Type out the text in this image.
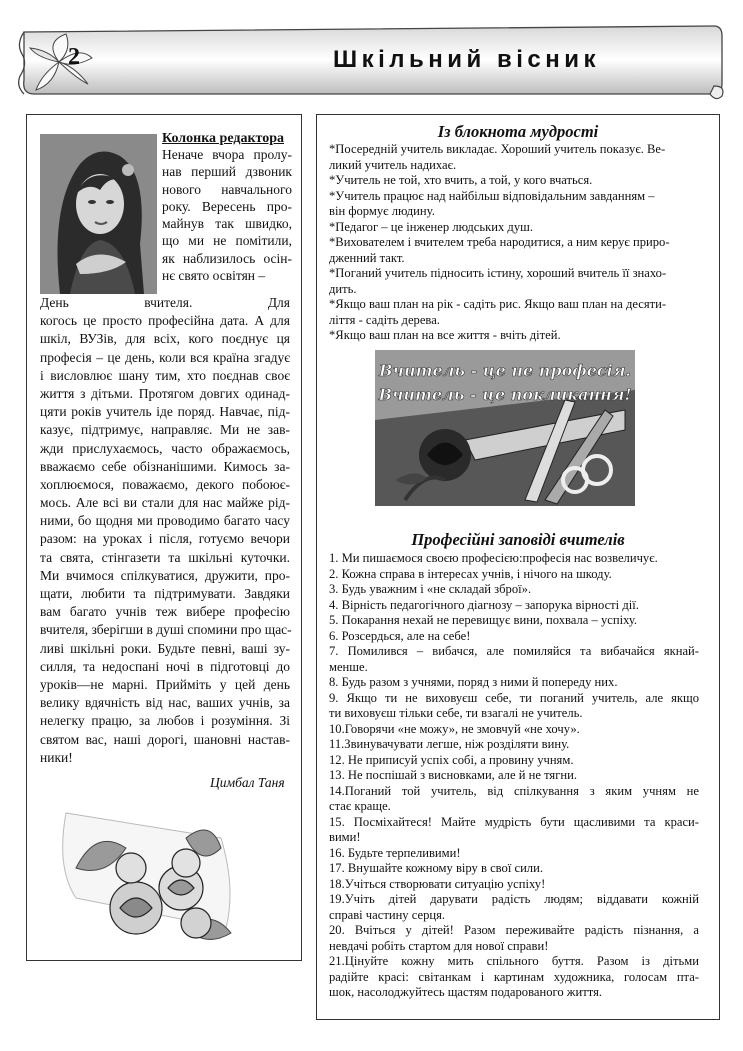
2	Шкільний вісник
Колонка редактора
Неначе вчора пролу-
нав перший дзвоник
нового навчального
року. Вересень про-
майнув так швидко,
що ми не помітили,
як наблизилось осін-
нє свято освітян –
День вчителя. Для
когось це просто професійна дата. А для
шкіл, ВУЗів, для всіх, кого поєднує ця
професія – це день, коли вся країна згадує
і висловлює шану тим, хто поєднав своє
життя з дітьми. Протягом довгих одинад-
цяти років учитель іде поряд. Навчає, під-
казує, підтримує, направляє. Ми не зав-
жди прислухаємось, часто ображаємось,
вважаємо себе обізнанішими. Кимось за-
хоплюємося, поважаємо, декого побоює-
мось. Але всі ви стали для нас майже рід-
ними, бо щодня ми проводимо багато часу
разом: на уроках і після, готуємо вечори
та свята, стінгазети та шкільні куточки.
Ми вчимося спілкуватися, дружити, про-
щати, любити та підтримувати. Завдяки
вам багато учнів теж вибере професію
вчителя, зберігши в душі спомини про щас-
ливі шкільні роки. Будьте певні, ваші зу-
силля, та недоспані ночі в підготовці до
уроків—не марні. Прийміть у цей день
велику вдячність від нас, ваших учнів, за
нелегку працю, за любов і розуміння. Зі
святом вас, наші дорогі, шановні настав-
ники!
Цимбал Таня
Із блокнота мудрості
*Посередній учитель викладає. Хороший учитель показує. Ве-
ликий учитель надихає.
*Учитель не той, хто вчить, а той, у кого вчаться.
*Учитель працює над найбільш відповідальним завданням –
він формує людину.
*Педагог – це інженер людських душ.
*Вихователем і вчителем треба народитися, а ним керує приро-
дженний такт.
*Поганий учитель підносить істину, хороший вчитель її знахо-
дить.
*Якщо ваш план на рік - садіть рис. Якщо ваш план на десяти-
ліття - садіть дерева.
*Якщо ваш план на все життя - вчіть дітей.
Вчитель - це не професія.
Вчитель - це покликання!
Професійні заповіді вчителів
1. Ми пишаємося своєю професією:професія нас возвеличує.
2. Кожна справа в інтересах учнів, і нічого на шкоду.
3. Будь уважним і «не складай зброї».
4. Вірність педагогічного діагнозу – запорука вірності дії.
5. Покарання нехай не перевищує вини, похвала – успіху.
6. Розсердься, але на себе!
7. Помилився – вибачся, але помиляйся та вибачайся якнай-
менше.
8. Будь разом з учнями, поряд з ними й попереду них.
9. Якщо ти не виховуєш себе, ти поганий учитель, але якщо
ти виховуєш тільки себе, ти взагалі не учитель.
10.Говорячи «не можу», не змовчуй «не хочу».
11.Звинувачувати легше, ніж розділяти вину.
12. Не приписуй успіх собі, а провину учням.
13. Не поспішай з висновками, але й не тягни.
14.Поганий той учитель, від спілкування з яким учням не
стає краще.
15. Посміхайтеся! Майте мудрість бути щасливими та краси-
вими!
16. Будьте терпеливими!
17. Внушайте кожному віру в свої сили.
18.Учіться створювати ситуацію успіху!
19.Учіть дітей дарувати радість людям; віддавати кожній
справі частину серця.
20. Вчіться у дітей! Разом переживайте радість пізнання, а
невдачі робіть стартом для нової справи!
21.Цінуйте кожну мить спільного буття. Разом із дітьми
радійте красі: світанкам і картинам художника, голосам пта-
шок, насолоджуйтесь щастям подарованого життя.
